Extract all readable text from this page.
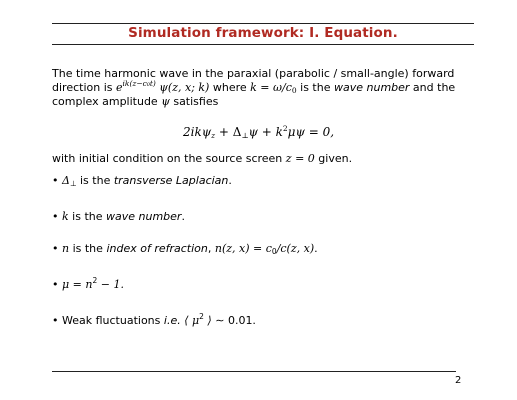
Simulation framework: I. Equation.
The time harmonic wave in the paraxial (parabolic / small-angle) forward direction is $e^{ik(z-c_0t)}$ ψ(z, x; k) where $k = \omega/c_0$ is the wave number and the complex amplitude ψ satisfies
$2ik\psi_z + \Delta_\perp\psi + k^2\mu\psi = 0$,
with initial condition on the source screen z = 0 given.
• $\Delta_\perp$ is the transverse Laplacian.
• k is the wave number.
• n is the index of refraction, n(z, $x) = c_0/c(z$, x).
• $\mu = n^2 - 1$.
• Weak fluctuations i.e. ⟨ $\mu^2$ ⟩ ∼ 0.01.
2
